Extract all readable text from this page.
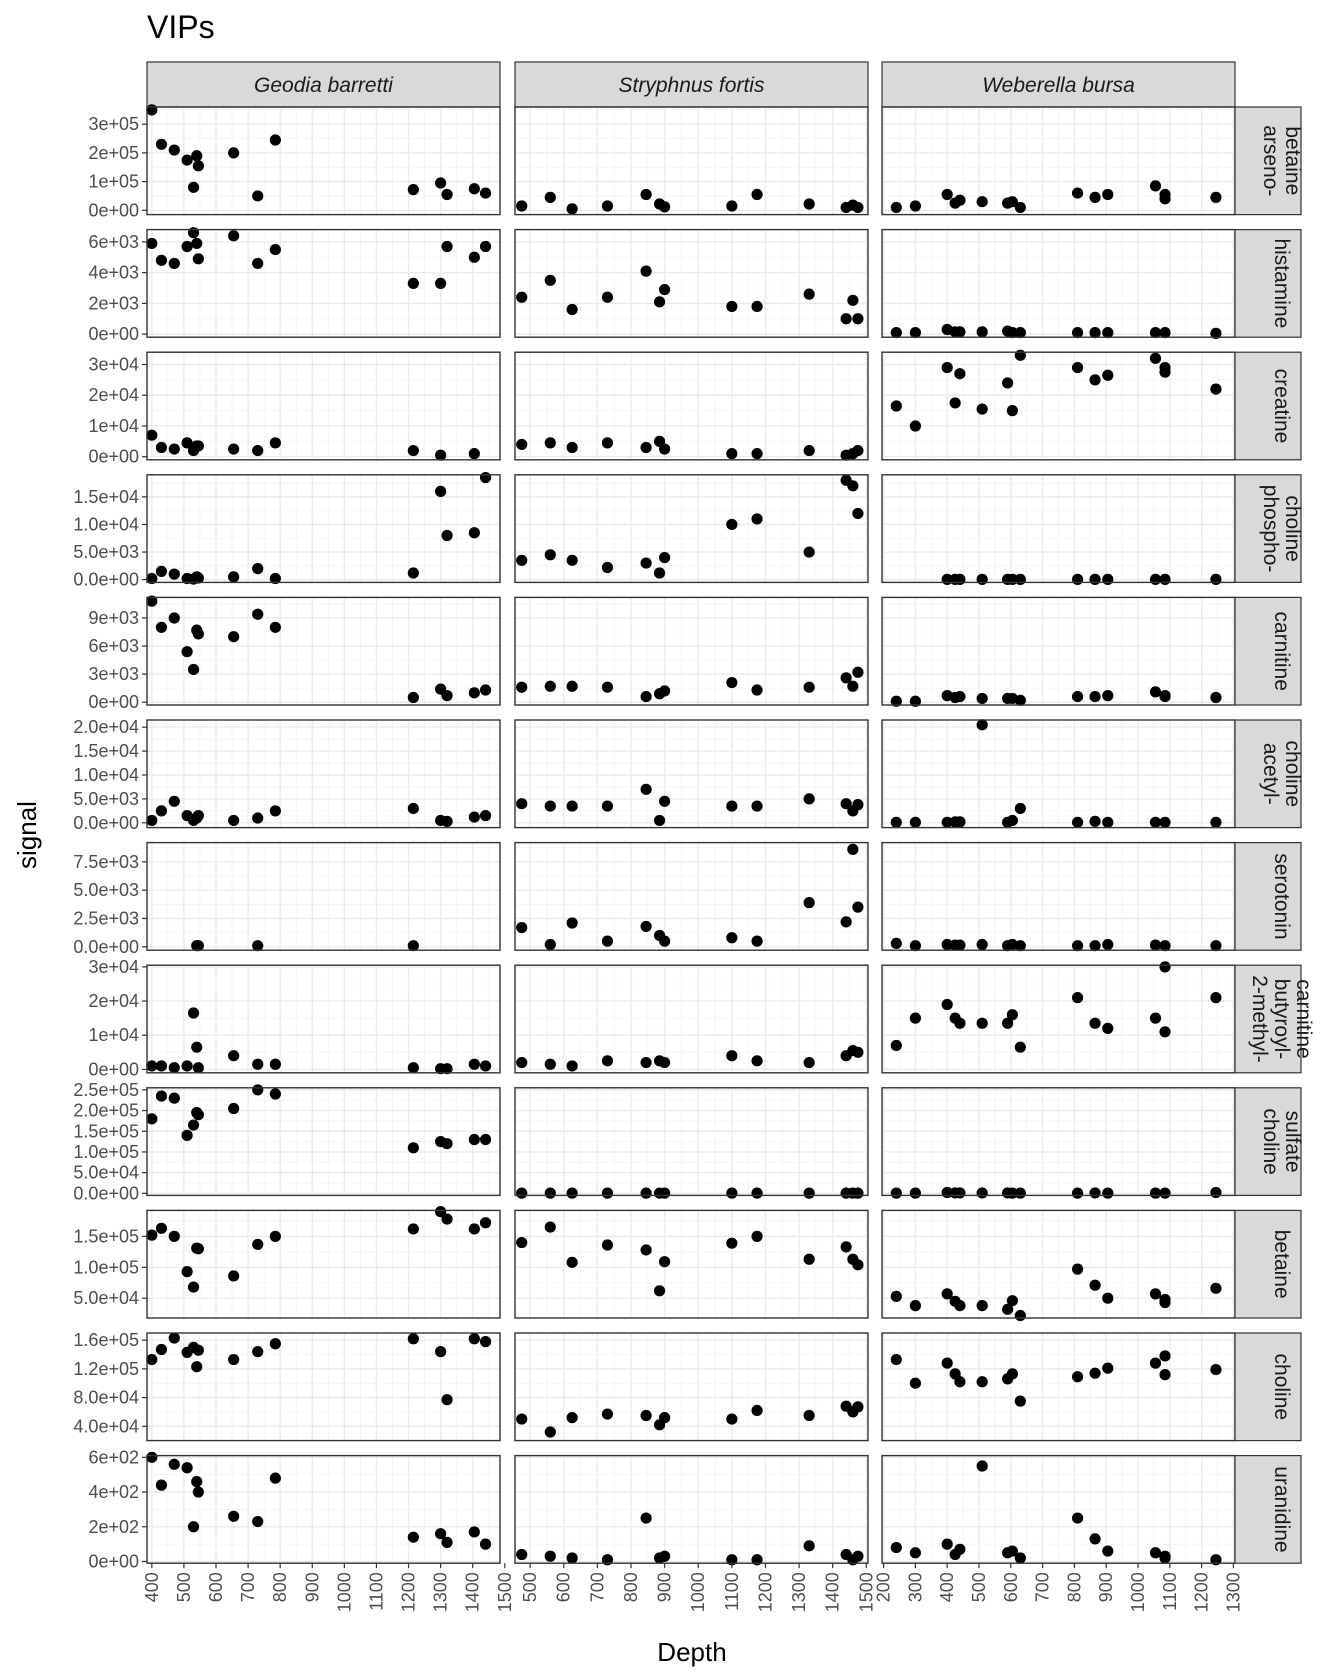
VIPs
Geodia barretti	Stryphnus fortis	Weberella bursa
0e+00
1e+05
2e+05
3e+05
arseno- betaine
0e+00
2e+03
4e+03
6e+03	histamine
0e+00
1e+04
2e+04
3e+04
creatine
0.0e+00
5.0e+03
1.0e+04
1.5e+04	phospho- choline
0e+00
3e+03
6e+03
9e+03	carnitine
0.0e+00
5.0e+03
1.0e+04
1.5e+04
2.0e+04
acetyl- choline
0.0e+00
2.5e+03
5.0e+03
7.5e+03	serotonin
0e+00
1e+04
2e+04
3e+04
2-methyl- butyroyl- carnitine
0.0e+00
5.0e+04
1.0e+05
1.5e+05
2.0e+05
2.5e+05
choline sulfate
5.0e+04
1.0e+05
1.5e+05	betaine
4.0e+04
8.0e+04
1.2e+05
1.6e+05
choline
0e+00
2e+02
4e+02
6e+02
uranidine
400 500 600 700 800 900 1000 1100 1200 1300 1400 1500 500 600 700 800 900 1000 1100 1200 1300 1400 1500
200 300 400 500 600 700 800 900 1000 1100 1200 1300
Depth
signal
